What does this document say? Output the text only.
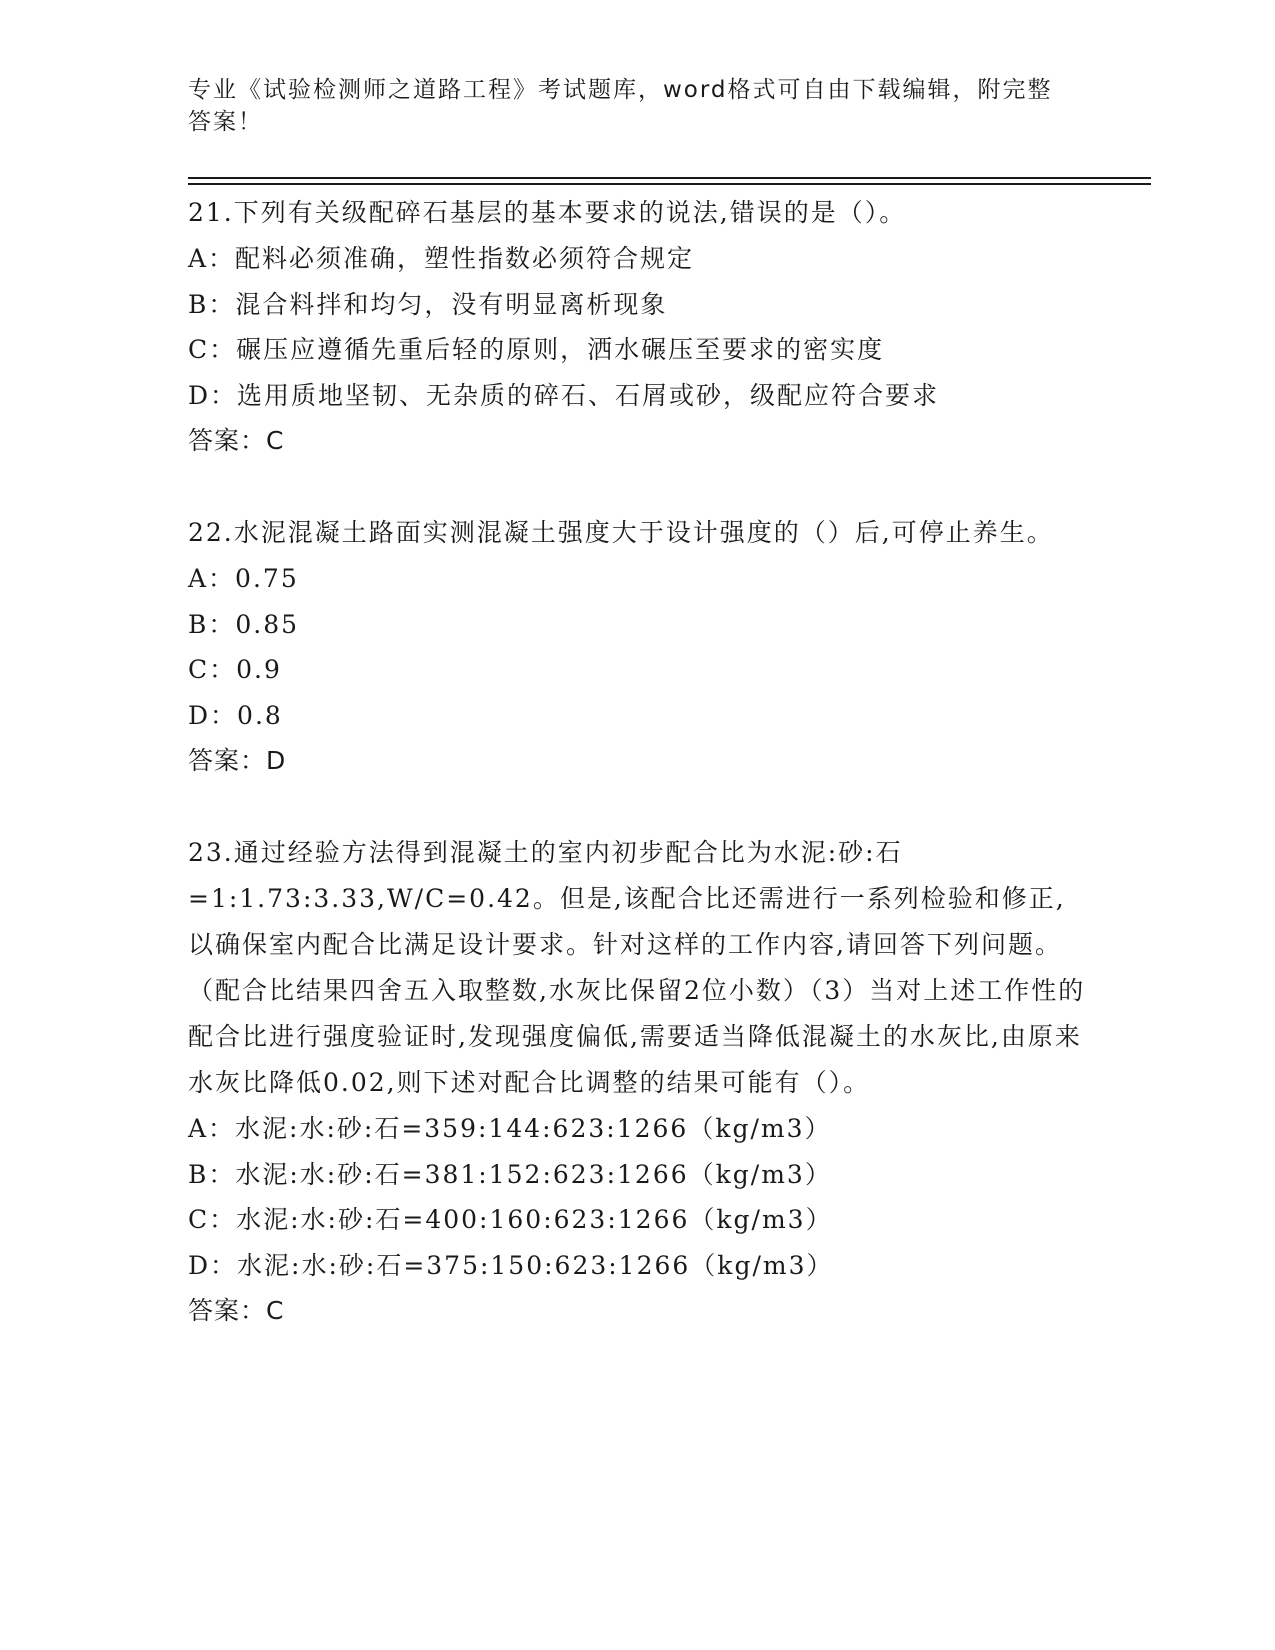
专业《试验检测师之道路工程》考试题库，word格式可自由下载编辑，附完整答案！

21.下列有关级配碎石基层的基本要求的说法,错误的是（）。

A：配料必须准确，塑性指数必须符合规定

B：混合料拌和均匀，没有明显离析现象

C：碾压应遵循先重后轻的原则，洒水碾压至要求的密实度

D：选用质地坚韧、无杂质的碎石、石屑或砂，级配应符合要求

答案：C

22.水泥混凝土路面实测混凝土强度大于设计强度的（）后,可停止养生。

A：0.75

B：0.85

C：0.9

D：0.8

答案：D

23.通过经验方法得到混凝土的室内初步配合比为水泥:砂:石=1:1.73:3.33,W/C=0.42。但是,该配合比还需进行一系列检验和修正,以确保室内配合比满足设计要求。针对这样的工作内容,请回答下列问题。（配合比结果四舍五入取整数,水灰比保留2位小数）（3）当对上述工作性的配合比进行强度验证时,发现强度偏低,需要适当降低混凝土的水灰比,由原来水灰比降低0.02,则下述对配合比调整的结果可能有（）。

A：水泥:水:砂:石=359:144:623:1266（kg/m3）

B：水泥:水:砂:石=381:152:623:1266（kg/m3）

C：水泥:水:砂:石=400:160:623:1266（kg/m3）

D：水泥:水:砂:石=375:150:623:1266（kg/m3）

答案：C
